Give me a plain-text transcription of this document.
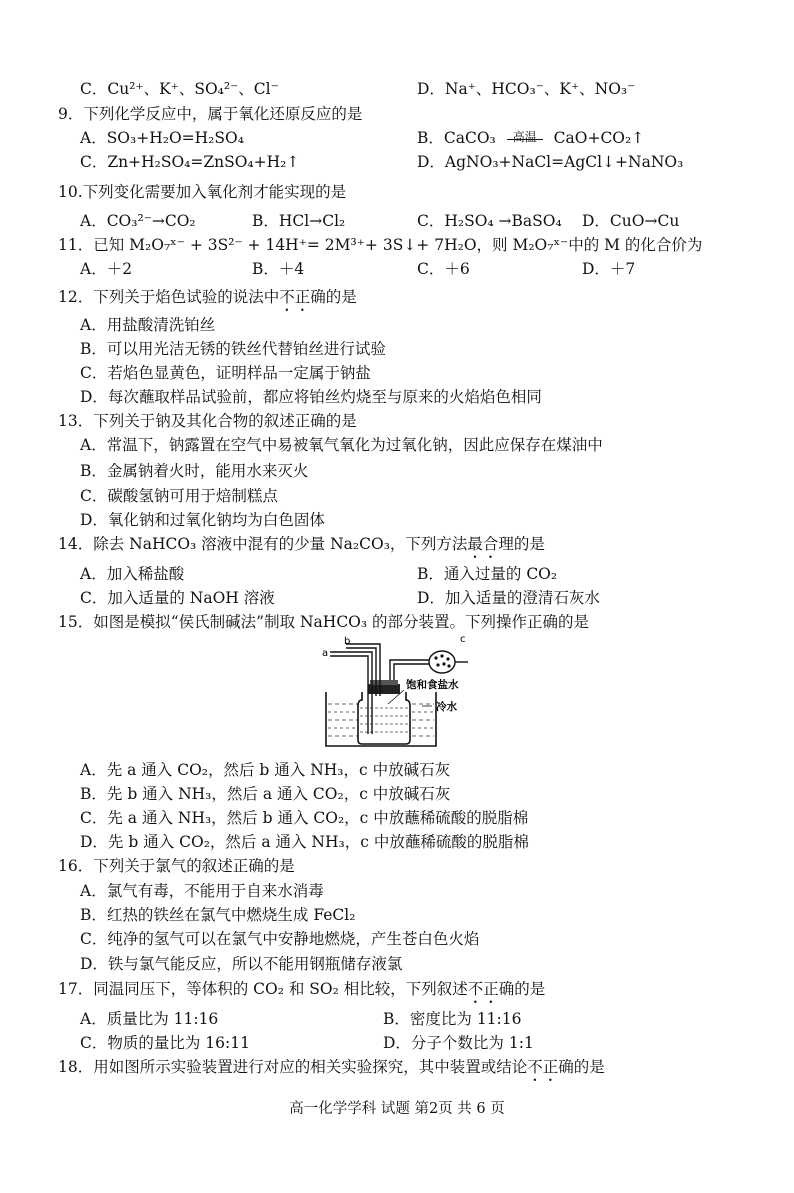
C．Cu²⁺、K⁺、SO₄²⁻、Cl⁻	D．Na⁺、HCO₃⁻、K⁺、NO₃⁻
9．下列化学反应中，属于氧化还原反应的是
A．SO₃+H₂O=H₂SO₄	B．CaCO₃	高温	CaO+CO₂↑
C．Zn+H₂SO₄=ZnSO₄+H₂↑	D．AgNO₃+NaCl=AgCl↓+NaNO₃
10.下列变化需要加入氧化剂才能实现的是
A．CO₃²⁻→CO₂	B．HCl→Cl₂	C．H₂SO₄ →BaSO₄ D．CuO→Cu
11．已知 M₂O₇ˣ⁻ + 3S²⁻ + 14H⁺= 2M³⁺+ 3S↓+ 7H₂O，则 M₂O₇ˣ⁻中的 M 的化合价为
A．＋2	B．＋4	C．＋6	D．＋7
12．下列关于焰色试验的说法中不正确的是
A．用盐酸清洗铂丝
B．可以用光洁无锈的铁丝代替铂丝进行试验
C．若焰色显黄色，证明样品一定属于钠盐
D．每次蘸取样品试验前，都应将铂丝灼烧至与原来的火焰焰色相同
13．下列关于钠及其化合物的叙述正确的是
A．常温下，钠露置在空气中易被氧气氧化为过氧化钠，因此应保存在煤油中
B．金属钠着火时，能用水来灭火
C．碳酸氢钠可用于焙制糕点
D．氧化钠和过氧化钠均为白色固体
14．除去 NaHCO₃ 溶液中混有的少量 Na₂CO₃，下列方法最合理的是
A．加入稀盐酸	B．通入过量的 CO₂
C．加入适量的 NaOH 溶液	D．加入适量的澄清石灰水
15．如图是模拟“侯氏制碱法”制取 NaHCO₃ 的部分装置。下列操作正确的是
b
a
c
饱和食盐水
冷水
A．先 a 通入 CO₂，然后 b 通入 NH₃，c 中放碱石灰
B．先 b 通入 NH₃，然后 a 通入 CO₂，c 中放碱石灰
C．先 a 通入 NH₃，然后 b 通入 CO₂，c 中放蘸稀硫酸的脱脂棉
D．先 b 通入 CO₂，然后 a 通入 NH₃，c 中放蘸稀硫酸的脱脂棉
16．下列关于氯气的叙述正确的是
A．氯气有毒，不能用于自来水消毒
B．红热的铁丝在氯气中燃烧生成 FeCl₂
C．纯净的氢气可以在氯气中安静地燃烧，产生苍白色火焰
D．铁与氯气能反应，所以不能用钢瓶储存液氯
17．同温同压下，等体积的 CO₂ 和 SO₂ 相比较，下列叙述不正确的是
A．质量比为 11:16	B．密度比为 11:16
C．物质的量比为 16:11	D．分子个数比为 1:1
18．用如图所示实验装置进行对应的相关实验探究，其中装置或结论不正确的是
高一化学学科 试题 第2页 共 6 页
